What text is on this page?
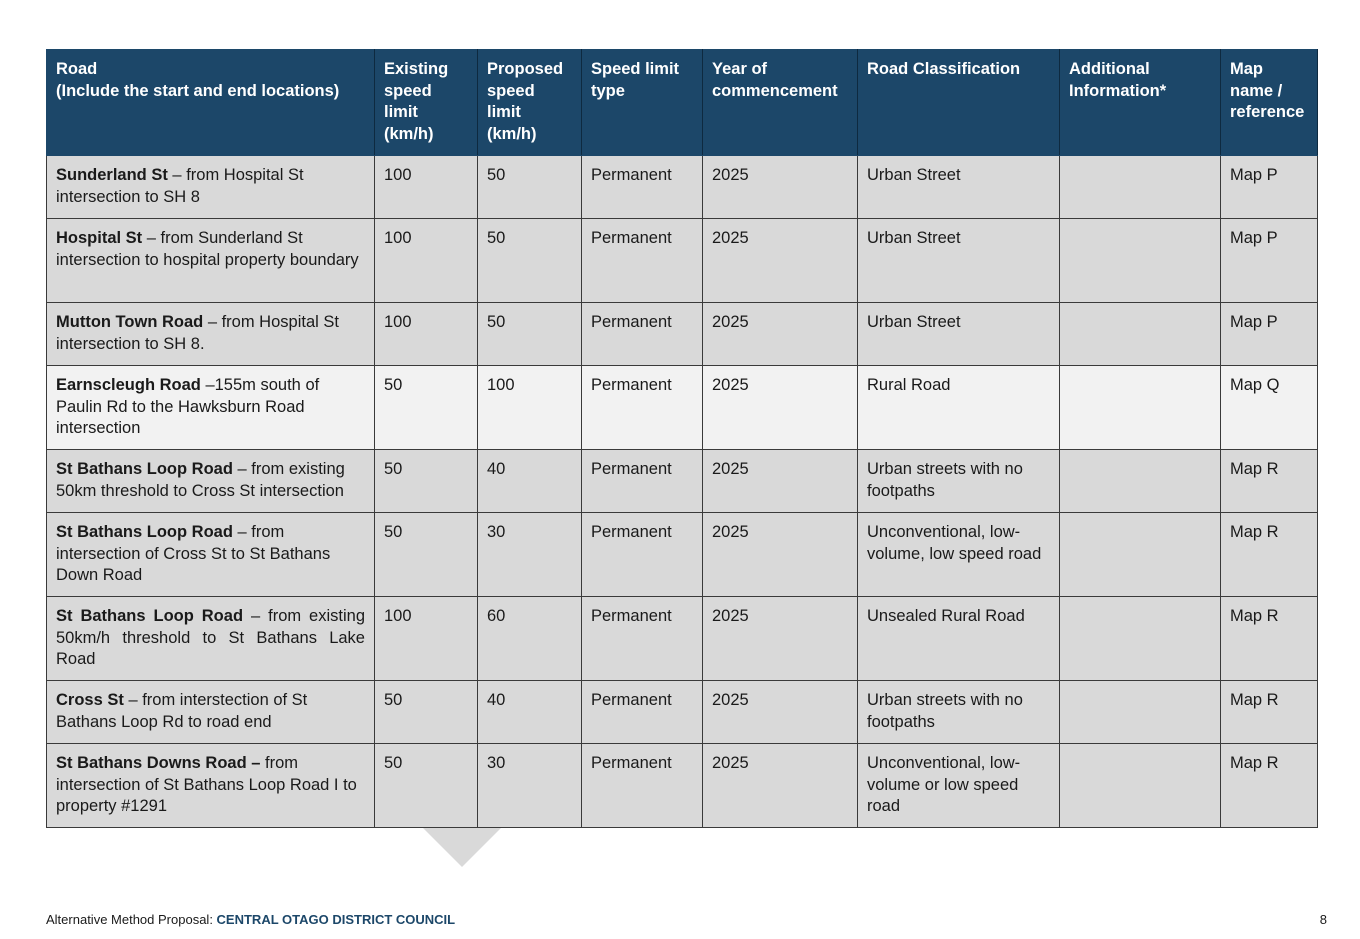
Road
(Include the start and end locations)	Existing speed limit (km/h)	Proposed speed limit (km/h)	Speed limit type	Year of commencement	Road Classification	Additional Information*	Map name / reference
Sunderland St – from Hospital St intersection to SH 8	100	50	Permanent	2025	Urban Street		Map P
Hospital St – from Sunderland St intersection to hospital property boundary	100	50	Permanent	2025	Urban Street		Map P
Mutton Town Road – from Hospital St intersection to SH 8.	100	50	Permanent	2025	Urban Street		Map P
Earnscleugh Road –155m south of Paulin Rd to the Hawksburn Road intersection	50	100	Permanent	2025	Rural Road		Map Q
St Bathans Loop Road – from existing 50km threshold to Cross St intersection	50	40	Permanent	2025	Urban streets with no footpaths		Map R
St Bathans Loop Road – from intersection of Cross St to St Bathans Down Road	50	30	Permanent	2025	Unconventional, low-volume, low speed road		Map R
St Bathans Loop Road – from existing 50km/h threshold to St Bathans Lake Road	100	60	Permanent	2025	Unsealed Rural Road		Map R
Cross St – from interstection of St Bathans Loop Rd to road end	50	40	Permanent	2025	Urban streets with no footpaths		Map R
St Bathans Downs Road – from intersection of St Bathans Loop Road I to property #1291	50	30	Permanent	2025	Unconventional, low-volume or low speed road		Map R
Alternative Method Proposal: CENTRAL OTAGO DISTRICT COUNCIL	8
